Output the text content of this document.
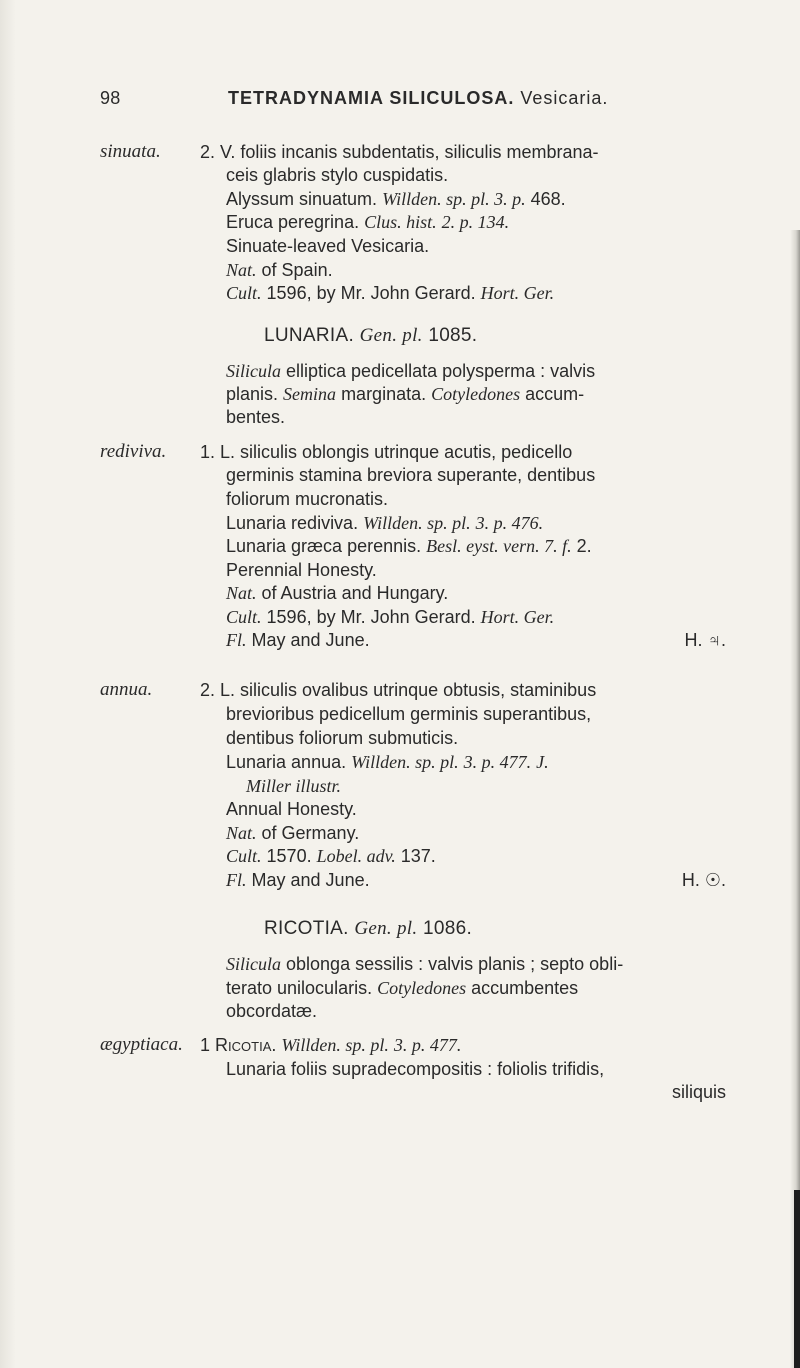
98	TETRADYNAMIA SILICULOSA. Vesicaria.
sinuata. 2. V. foliis incanis subdentatis, siliculis membrana-
ceis glabris stylo cuspidatis.
Alyssum sinuatum. Willden. sp. pl. 3. p. 468.
Eruca peregrina. Clus. hist. 2. p. 134.
Sinuate-leaved Vesicaria.
Nat. of Spain.
Cult. 1596, by Mr. John Gerard. Hort. Ger.
LUNARIA. Gen. pl. 1085.
Silicula elliptica pedicellata polysperma : valvis
planis. Semina marginata. Cotyledones accum-
bentes.
rediviva. 1. L. siliculis oblongis utrinque acutis, pedicello
germinis stamina breviora superante, dentibus
foliorum mucronatis.
Lunaria rediviva. Willden. sp. pl. 3. p. 476.
Lunaria græca perennis. Besl. eyst. vern. 7. f. 2.
Perennial Honesty.
Nat. of Austria and Hungary.
Cult. 1596, by Mr. John Gerard. Hort. Ger.
Fl. May and June.	H. ♃.
annua.	2. L. siliculis ovalibus utrinque obtusis, staminibus
brevioribus pedicellum germinis superantibus,
dentibus foliorum submuticis.
Lunaria annua. Willden. sp. pl. 3. p. 477. J.
Miller illustr.
Annual Honesty.
Nat. of Germany.
Cult. 1570. Lobel. adv. 137.
Fl. May and June.	H. ☉.
RICOTIA. Gen. pl. 1086.
Silicula oblonga sessilis : valvis planis ; septo obli-
terato unilocularis. Cotyledones accumbentes
obcordatæ.
ægyptiaca. 1 Ricotia. Willden. sp. pl. 3. p. 477.
Lunaria foliis supradecompositis : foliolis trifidis,
siliquis
